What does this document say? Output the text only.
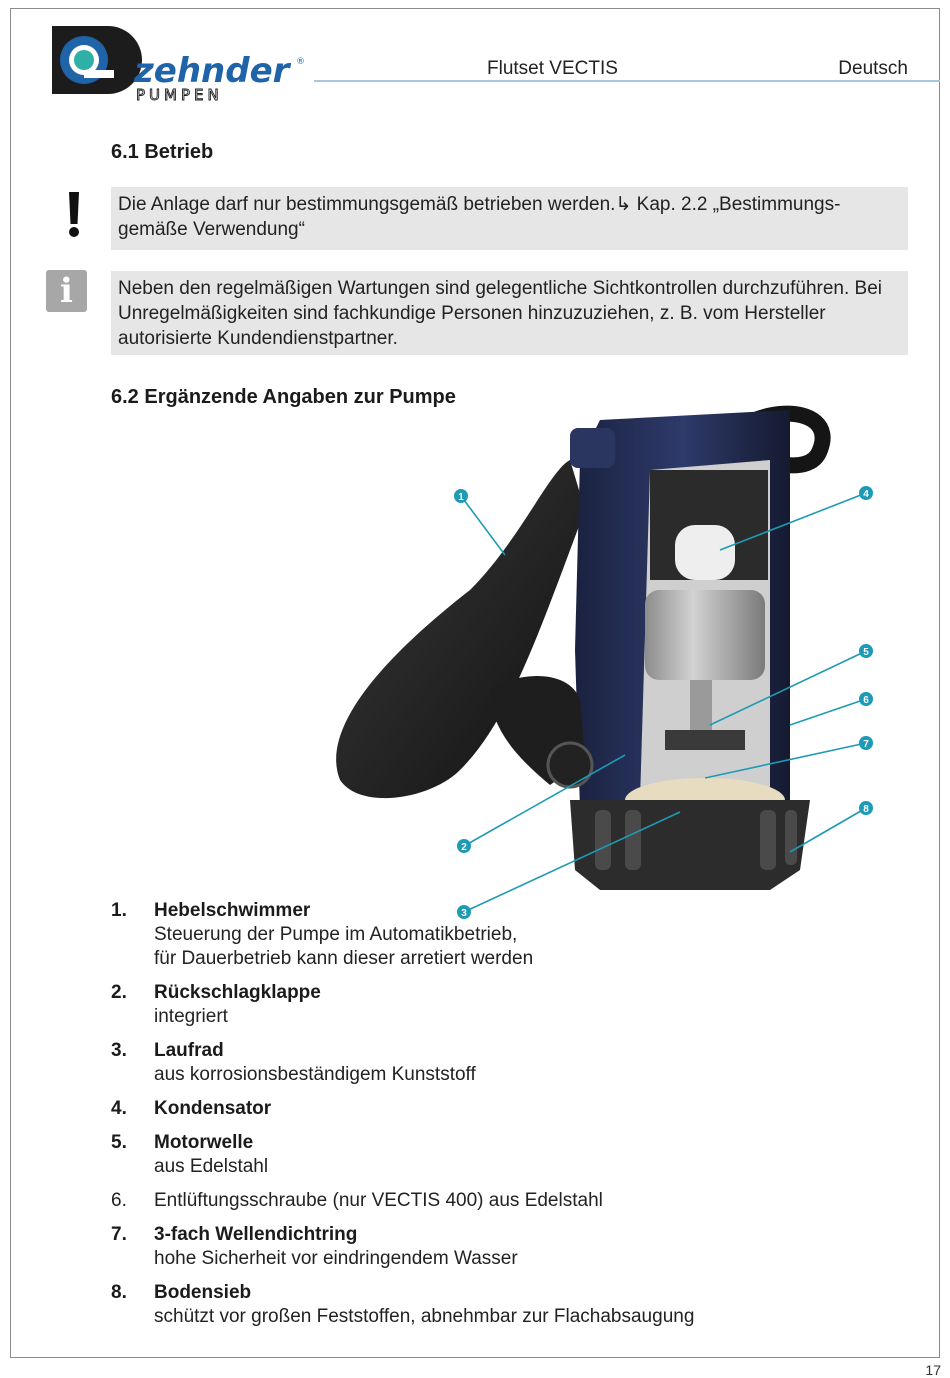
zehnder ®
PUMPEN
Flutset VECTIS	Deutsch
6.1 Betrieb
Die Anlage darf nur bestimmungsgemäß betrieben werden.↳ Kap. 2.2 „Bestimmungs-gemäße Verwendung“
i	Neben den regelmäßigen Wartungen sind gelegentliche Sichtkontrollen durchzuführen. Bei Unregelmäßigkeiten sind fachkundige Personen hinzuzuziehen, z. B. vom Hersteller autorisierte Kundendienstpartner.
6.2 Ergänzende Angaben zur Pumpe
1	4
5
6
7
8
2
3
1.	Hebelschwimmer
Steuerung der Pumpe im Automatikbetrieb,
für Dauerbetrieb kann dieser arretiert werden
2.	Rückschlagklappe
integriert
3.	Laufrad
aus korrosionsbeständigem Kunststoff
4.	Kondensator
5.	Motorwelle
aus Edelstahl
6.	Entlüftungsschraube (nur VECTIS 400) aus Edelstahl
7.	3-fach Wellendichtring
hohe Sicherheit vor eindringendem Wasser
8.	Bodensieb
schützt vor großen Feststoffen, abnehmbar zur Flachabsaugung
17
